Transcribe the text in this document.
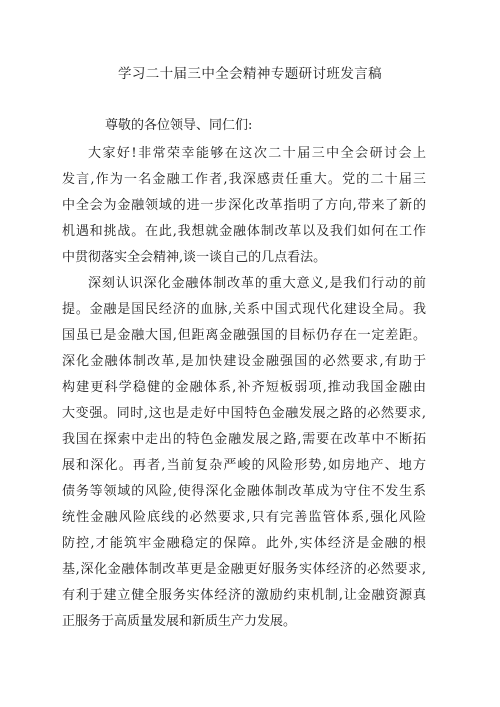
学习二十届三中全会精神专题研讨班发言稿
尊敬的各位领导、同仁们:
大家好!非常荣幸能够在这次二十届三中全会研讨会上
发言,作为一名金融工作者,我深感责任重大。党的二十届三
中全会为金融领域的进一步深化改革指明了方向,带来了新的
机遇和挑战。在此,我想就金融体制改革以及我们如何在工作
中贯彻落实全会精神,谈一谈自己的几点看法。
深刻认识深化金融体制改革的重大意义,是我们行动的前
提。金融是国民经济的血脉,关系中国式现代化建设全局。我
国虽已是金融大国,但距离金融强国的目标仍存在一定差距。
深化金融体制改革,是加快建设金融强国的必然要求,有助于
构建更科学稳健的金融体系,补齐短板弱项,推动我国金融由
大变强。同时,这也是走好中国特色金融发展之路的必然要求,
我国在探索中走出的特色金融发展之路,需要在改革中不断拓
展和深化。再者,当前复杂严峻的风险形势,如房地产、地方
债务等领域的风险,使得深化金融体制改革成为守住不发生系
统性金融风险底线的必然要求,只有完善监管体系,强化风险
防控,才能筑牢金融稳定的保障。此外,实体经济是金融的根
基,深化金融体制改革更是金融更好服务实体经济的必然要求,
有利于建立健全服务实体经济的激励约束机制,让金融资源真
正服务于高质量发展和新质生产力发展。
